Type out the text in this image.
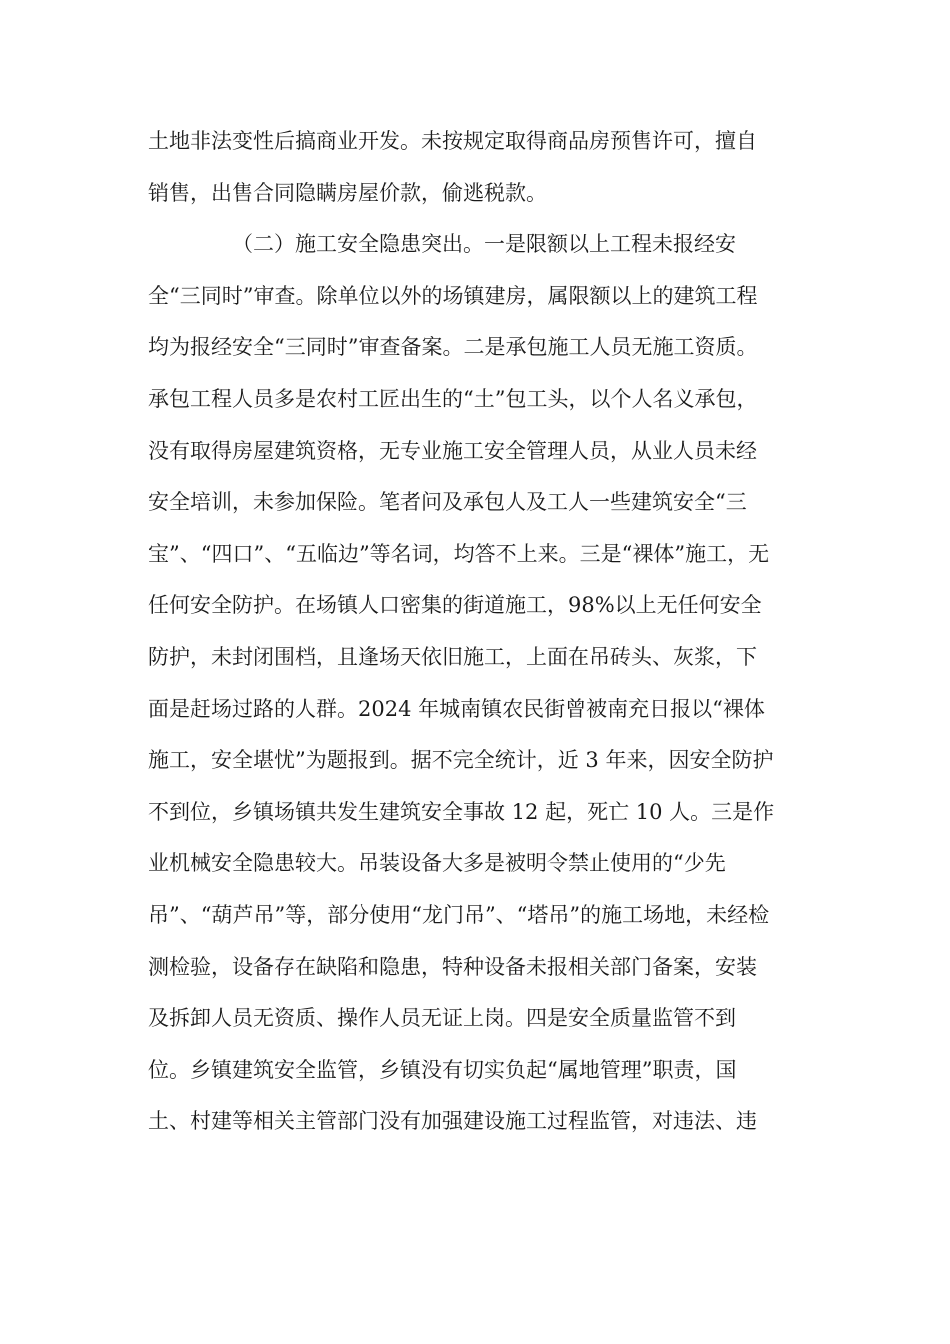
土地非法变性后搞商业开发。未按规定取得商品房预售许可，擅自
销售，出售合同隐瞒房屋价款，偷逃税款。
（二）施工安全隐患突出。一是限额以上工程未报经安
全“三同时”审查。除单位以外的场镇建房，属限额以上的建筑工程
均为报经安全“三同时”审查备案。二是承包施工人员无施工资质。
承包工程人员多是农村工匠出生的“土”包工头，以个人名义承包，
没有取得房屋建筑资格，无专业施工安全管理人员，从业人员未经
安全培训，未参加保险。笔者问及承包人及工人一些建筑安全“三
宝”、“四口”、“五临边”等名词，均答不上来。三是“裸体”施工，无
任何安全防护。在场镇人口密集的街道施工，98%以上无任何安全
防护，未封闭围档，且逢场天依旧施工，上面在吊砖头、灰浆，下
面是赶场过路的人群。2024 年城南镇农民街曾被南充日报以“裸体
施工，安全堪忧”为题报到。据不完全统计，近 3 年来，因安全防护
不到位，乡镇场镇共发生建筑安全事故 12 起，死亡 10 人。三是作
业机械安全隐患较大。吊装设备大多是被明令禁止使用的“少先
吊”、“葫芦吊”等，部分使用“龙门吊”、“塔吊”的施工场地，未经检
测检验，设备存在缺陷和隐患，特种设备未报相关部门备案，安装
及拆卸人员无资质、操作人员无证上岗。四是安全质量监管不到
位。乡镇建筑安全监管，乡镇没有切实负起“属地管理”职责，国
土、村建等相关主管部门没有加强建设施工过程监管，对违法、违
